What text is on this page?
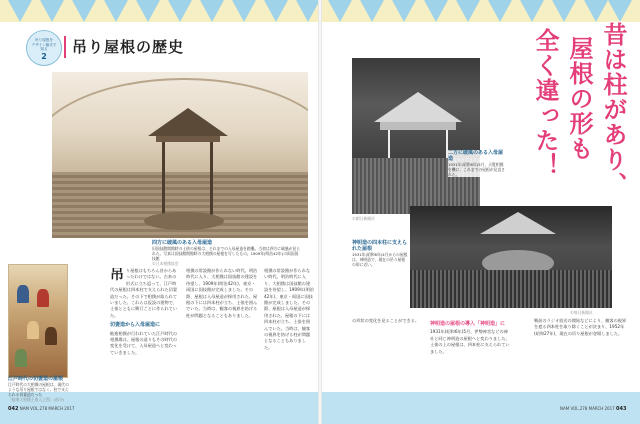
吊り屋根を
デザイン様式で
知る
2
吊り屋根の歴史
四方に破風のある入母屋造
旧国技館開館時の土俵の屋根は、それまでの入母屋造を踏襲。当初は四方に破風が見られた。写真は国技館開館時の大相撲の屋根を写したもの。1909年(明治42年)の両国国技館
©日本相撲協会
江戸時代の切妻造の屋根
江戸時代の大相撲の屋根は、現代のような吊り屋根ではなく、柱で支えられる切妻造だった
「勧進大相撲土俵入之図」(部分)
吊 り屋根はもちろん昔からあったわけではない。古来の形式に立ち返って、江戸時代の屋根は四本柱で支えられた切妻造だった。その下で相撲が取られていました。これらは仮設の建物で、土俵とともに興行ごとに作られていた。
切妻造から入母屋造に
勧進相撲が行われていた江戸時代の相撲場は、屋根の造りもその時代の変化を受けて、入母屋造へと変わっていきました。
相撲の常設館が作られない時代。明治時代に入り、大相撲は国技館の建設を待望し、1909年(明治42年)、東京・両国に国技館が完成しました。その際、屋根は入母屋造が採用された。屋根の下には四本柱が立ち、土俵を囲んでいた。当時は、観客の視界を妨げる柱が問題となることもありました。
相撲の常設館が作られない時代。明治時代に入り、大相撲は国技館の建設を待望し、1909年(明治42年)、東京・両国に国技館が完成しました。その際、屋根は入母屋造が採用された。屋根の下には四本柱が立ち、土俵を囲んでいた。当時は、観客の視界を妨げる柱が問題となることもありました。
042 NAM VOL.278 MARCH 2017
二方に破風のある入母屋造
1931年(昭和6年)5月、天覧相撲を機に、これまでの屋根が見直された。
©朝日新聞社
神明造の四本柱に支えられた屋根
1931年(昭和6年)4月からの屋根は、神明造で、現在の吊り屋根の形に近い。
©毎日新聞社
昔は柱があり、
屋根の形も
全く違った！
の形状の変化を見ることができる。
神明造の屋根の導入「神明造」に
1931年(昭和6年)5月、伊勢神宮などの神社と同じ神明造の屋根へと変わりました。土俵の上の屋根は、四本柱に支えられていました。
戦前のラジオ放送の開始などにより、観客の視界を遮る四本柱を取り除くことが決まり、1952年(昭和27年)、現在の吊り屋根が登場しました。
NAM VOL.278 MARCH 2017 043
